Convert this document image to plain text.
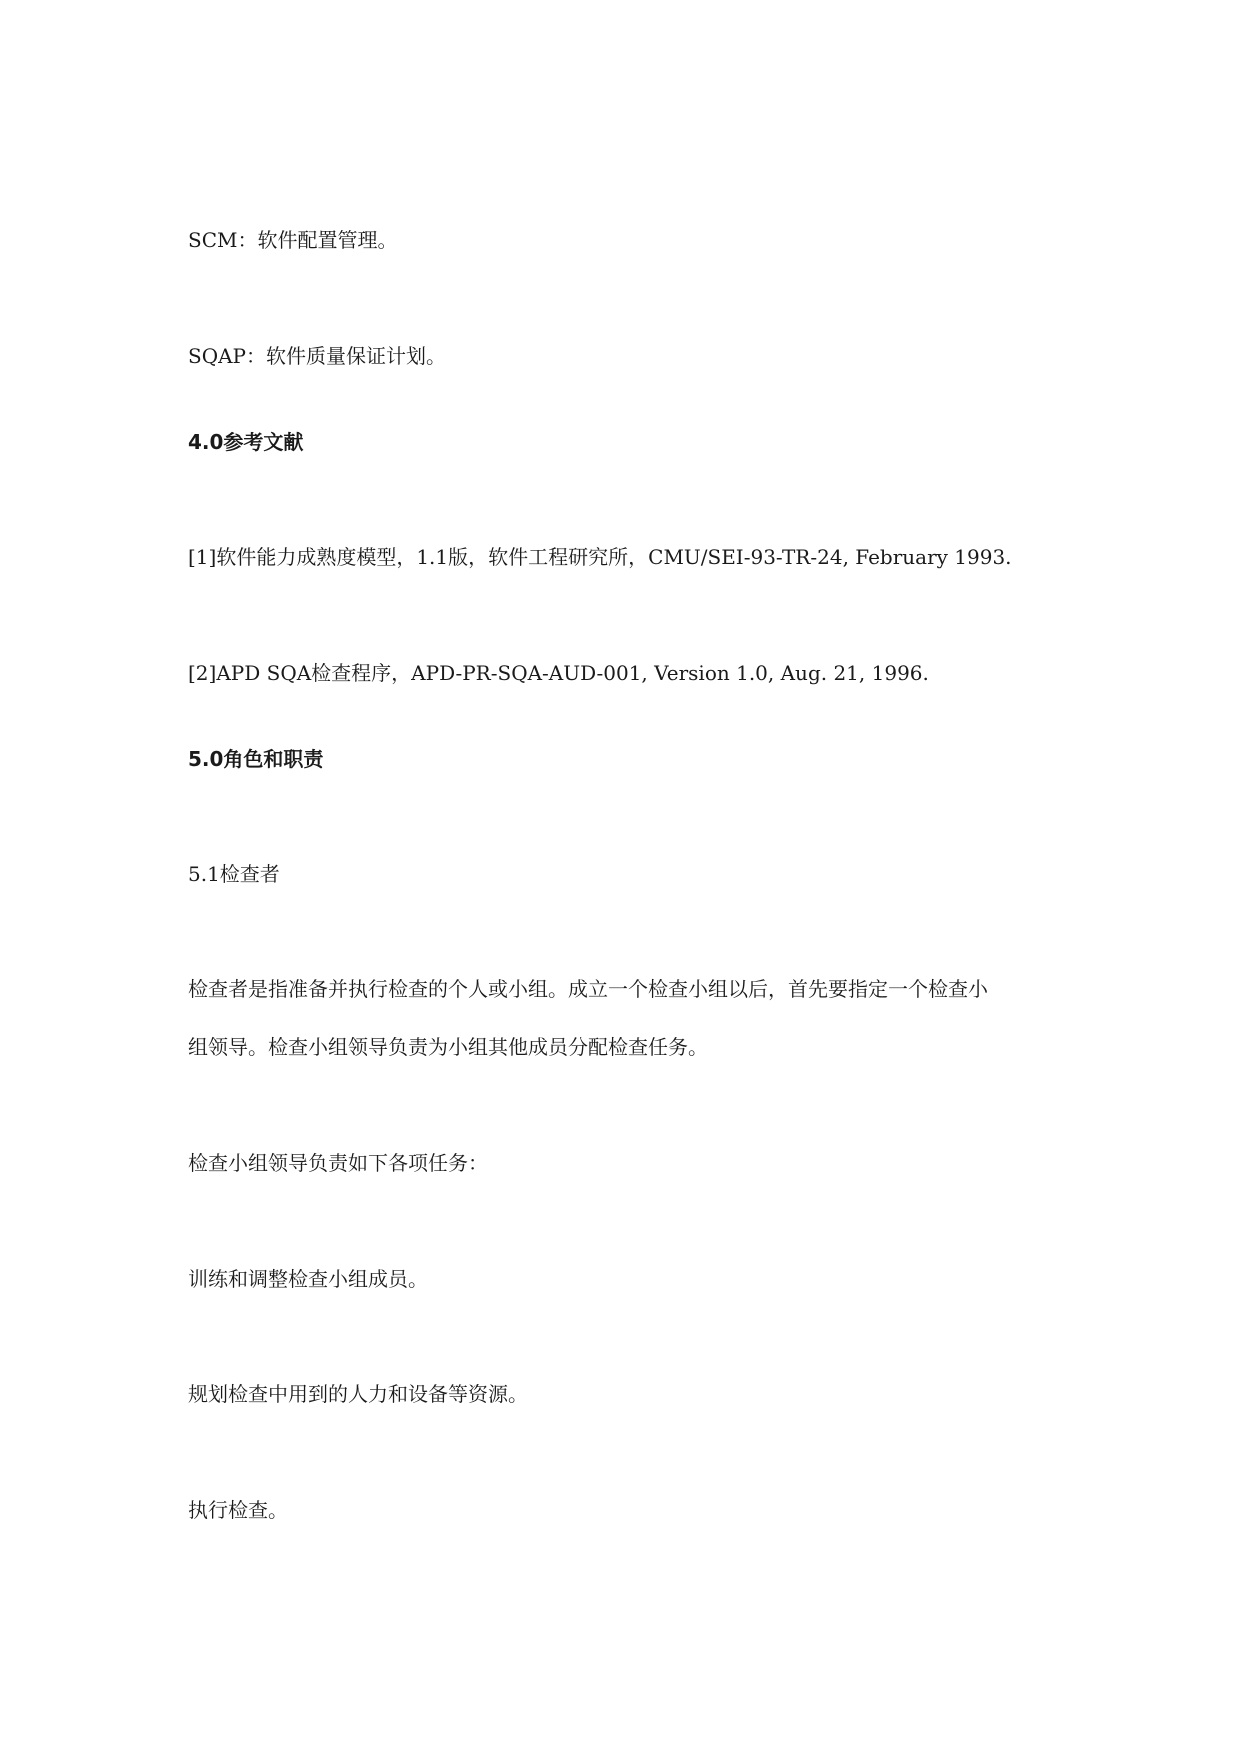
SCM：软件配置管理。
SQAP：软件质量保证计划。
4.0参考文献
[1]软件能力成熟度模型，1.1版，软件工程研究所，CMU/SEI-93-TR-24, February 1993.
[2]APD SQA检查程序，APD-PR-SQA-AUD-001, Version 1.0, Aug. 21, 1996.
5.0角色和职责
5.1检查者
检查者是指准备并执行检查的个人或小组。成立一个检查小组以后，首先要指定一个检查小
组领导。检查小组领导负责为小组其他成员分配检查任务。
检查小组领导负责如下各项任务：
训练和调整检查小组成员。
规划检查中用到的人力和设备等资源。
执行检查。
